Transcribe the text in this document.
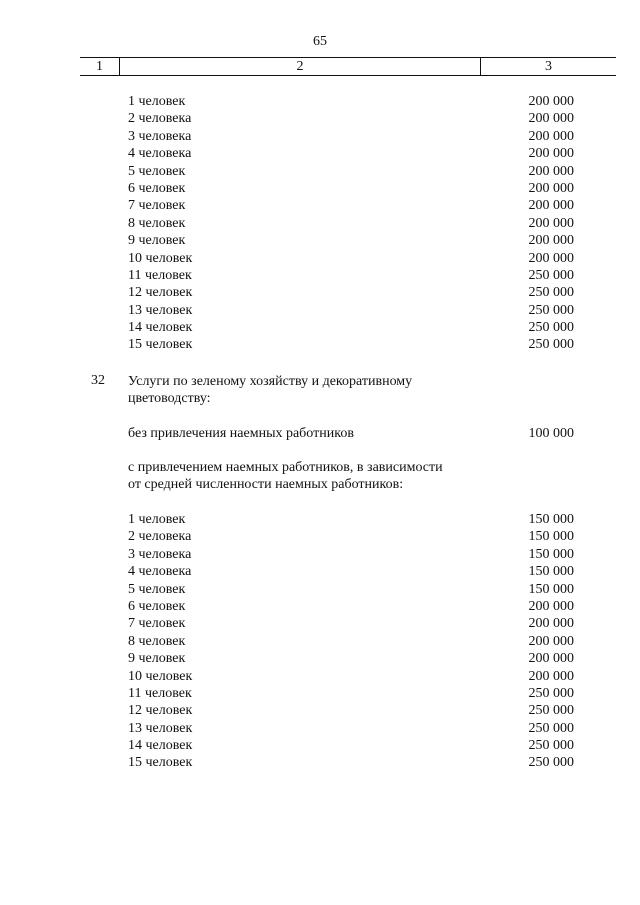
65
1	2	3
1 человек	200 000
2 человека	200 000
3 человека	200 000
4 человека	200 000
5 человек	200 000
6 человек	200 000
7 человек	200 000
8 человек	200 000
9 человек	200 000
10 человек	200 000
11 человек	250 000
12 человек	250 000
13 человек	250 000
14 человек	250 000
15 человек	250 000
32 Услуги по зеленому хозяйству и декоративному
цветоводству:
без привлечения наемных работников	100 000
с привлечением наемных работников, в зависимости
от средней численности наемных работников:
1 человек	150 000
2 человека	150 000
3 человека	150 000
4 человека	150 000
5 человек	150 000
6 человек	200 000
7 человек	200 000
8 человек	200 000
9 человек	200 000
10 человек	200 000
11 человек	250 000
12 человек	250 000
13 человек	250 000
14 человек	250 000
15 человек	250 000
